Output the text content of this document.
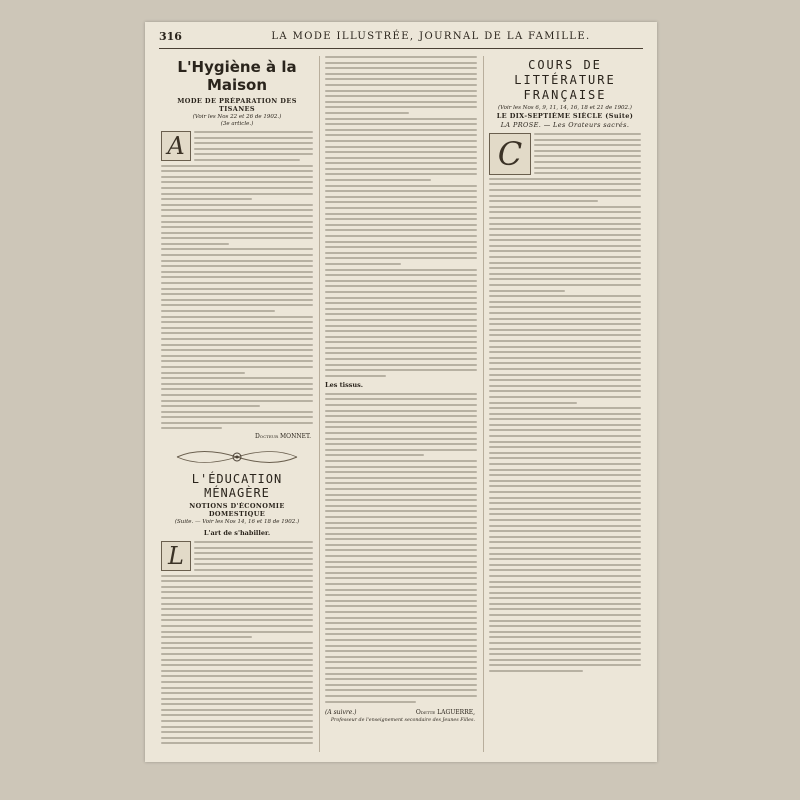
316	LA MODE ILLUSTRÉE, JOURNAL DE LA FAMILLE.
L'Hygiène à la Maison
MODE DE PRÉPARATION DES TISANES
(Voir les Nos 22 et 26 de 1902.)
(3e article.)
A
Docteur MONNET.
L'ÉDUCATION MÉNAGÈRE
NOTIONS D'ÉCONOMIE DOMESTIQUE
(Suite. — Voir les Nos 14, 16 et 18 de 1902.)
L'art de s'habiller.
L
Les tissus.
(A suivre.)	Odette LAGUERRE,
Professeur de l'enseignement secondaire des Jeunes Filles.
COURS DE LITTÉRATURE FRANÇAISE
(Voir les Nos 6, 9, 11, 14, 16, 18 et 21 de 1902.)
LE DIX-SEPTIÈME SIÈCLE (Suite)
LA PROSE. — Les Orateurs sacrés.
C
